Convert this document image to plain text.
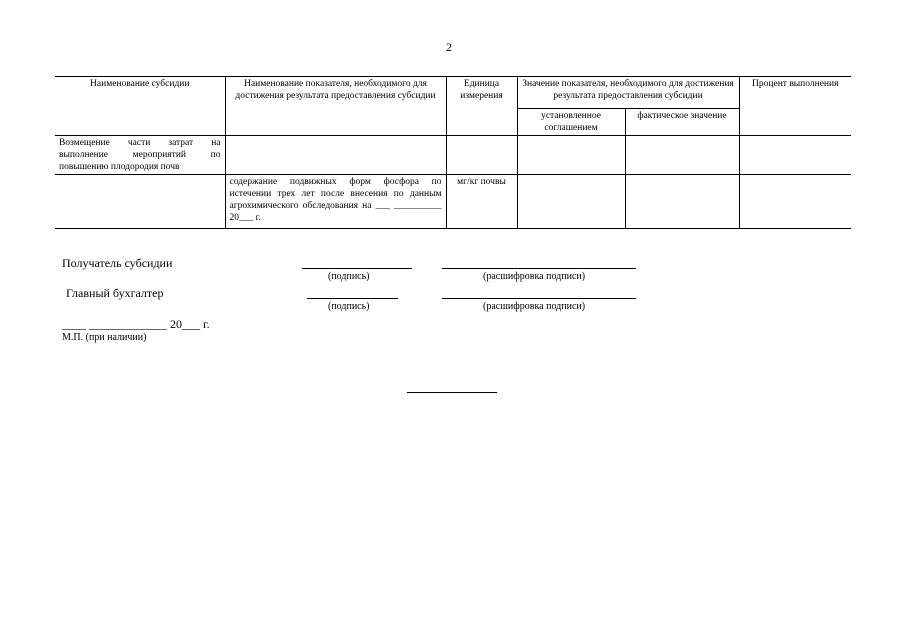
2
Наименование субсидии	Наименование показателя, необходимого для достижения результата предоставления субсидии	Единица измерения	Значение показателя, необходимого для достижения результата предоставления субсидии		Процент выполнения
			установленное соглашением	фактическое значение	
Возмещение части затрат на выполнение мероприятий по повышению плодородия почв					
	содержание подвижных форм фосфора по истечении трех лет после внесения по данным агрохимического обследования на ___ __________ 20___ г.	мг/кг почвы			
Получатель субсидии
(подпись)	(расшифровка подписи)
Главный бухгалтер
(подпись)	(расшифровка подписи)
____ _____________ 20___ г.
М.П. (при наличии)
